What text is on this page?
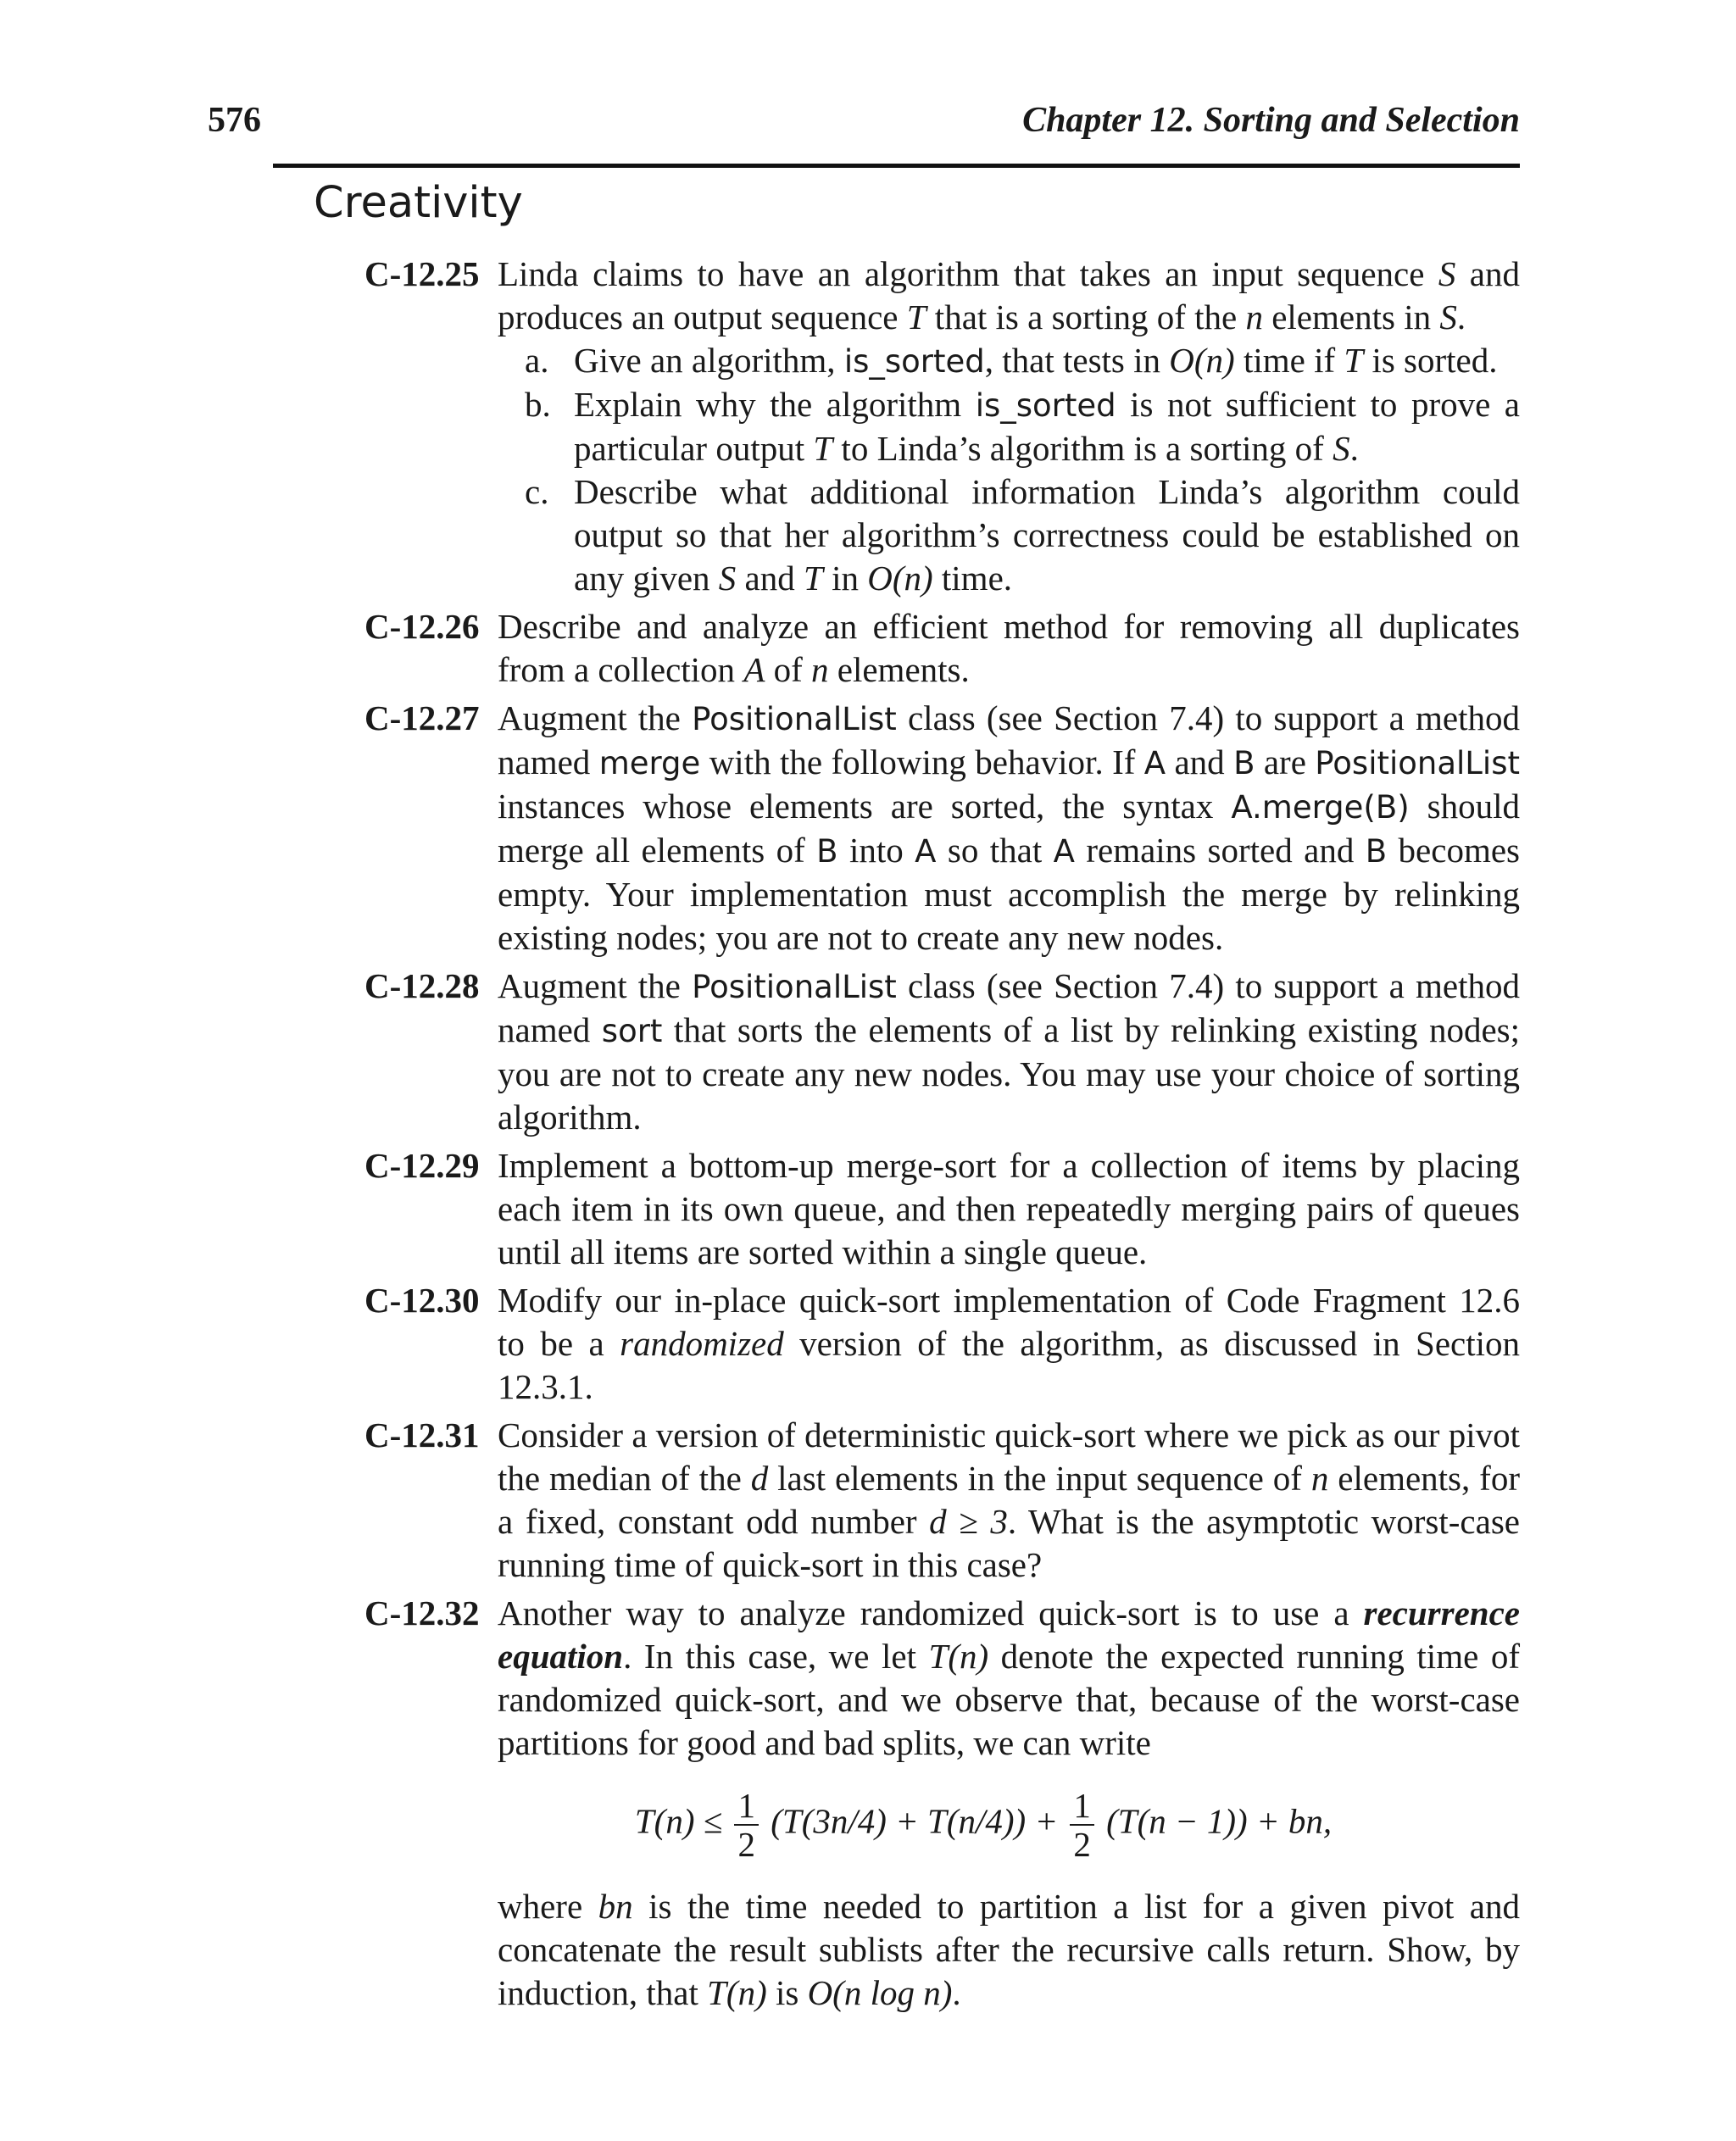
576	Chapter 12. Sorting and Selection
Creativity
C-12.25 Linda claims to have an algorithm that takes an input sequence S and produces an output sequence T that is a sorting of the n elements in S.

a. Give an algorithm, is_sorted, that tests in O(n) time if T is sorted.
b. Explain why the algorithm is_sorted is not sufficient to prove a particular output T to Linda’s algorithm is a sorting of S.
c. Describe what additional information Linda’s algorithm could output so that her algorithm’s correctness could be established on any given S and T in O(n) time.
C-12.26 Describe and analyze an efficient method for removing all duplicates from a collection A of n elements.

C-12.27 Augment the PositionalList class (see Section 7.4) to support a method named merge with the following behavior. If A and B are PositionalList instances whose elements are sorted, the syntax A.merge(B) should merge all elements of B into A so that A remains sorted and B becomes empty. Your implementation must accomplish the merge by relinking existing nodes; you are not to create any new nodes.

C-12.28 Augment the PositionalList class (see Section 7.4) to support a method named sort that sorts the elements of a list by relinking existing nodes; you are not to create any new nodes. You may use your choice of sorting algorithm.

C-12.29 Implement a bottom-up merge-sort for a collection of items by placing each item in its own queue, and then repeatedly merging pairs of queues until all items are sorted within a single queue.

C-12.30 Modify our in-place quick-sort implementation of Code Fragment 12.6 to be a randomized version of the algorithm, as discussed in Section 12.3.1.

C-12.31 Consider a version of deterministic quick-sort where we pick as our pivot the median of the d last elements in the input sequence of n elements, for a fixed, constant odd number d ≥ 3. What is the asymptotic worst-case running time of quick-sort in this case?

C-12.32 Another way to analyze randomized quick-sort is to use a recurrence equation. In this case, we let T(n) denote the expected running time of randomized quick-sort, and we observe that, because of the worst-case partitions for good and bad splits, we can write

$T(n) \le \frac{1}{2} (T(3n/4) + T(n/4)) + \frac{1}{2} (T(n - 1))$ + bn,

where bn is the time needed to partition a list for a given pivot and concatenate the result sublists after the recursive calls return. Show, by induction, that T(n) is O(n log n).
